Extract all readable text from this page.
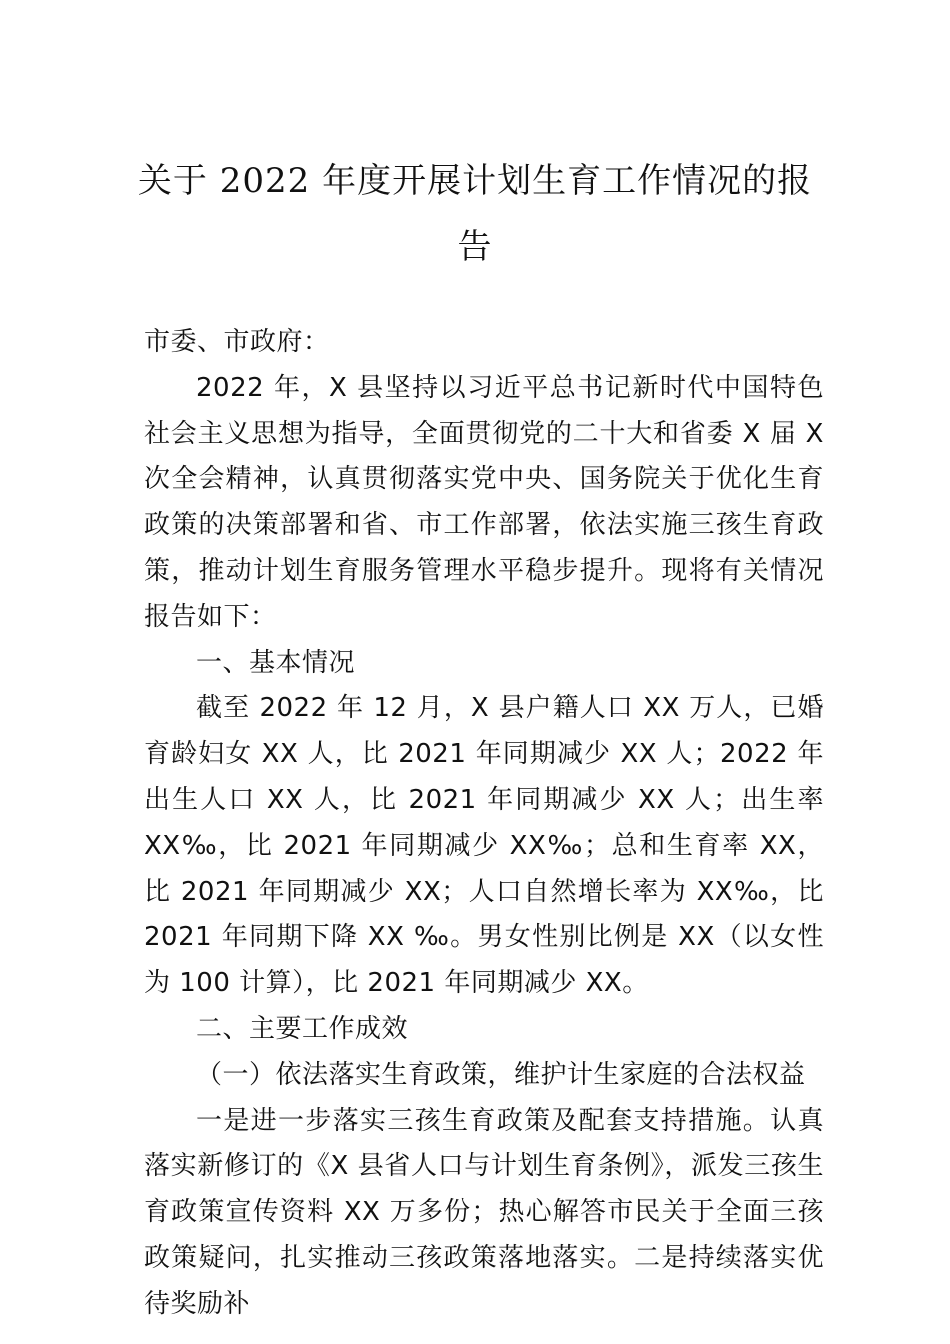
关于 2022 年度开展计划生育工作情况的报
告

市委、市政府：

2022 年，X 县坚持以习近平总书记新时代中国特色社会主义思想为指导，全面贯彻党的二十大和省委 X 届 X 次全会精神，认真贯彻落实党中央、国务院关于优化生育政策的决策部署和省、市工作部署，依法实施三孩生育政策，推动计划生育服务管理水平稳步提升。现将有关情况报告如下：

一、基本情况

截至 2022 年 12 月，X 县户籍人口 XX 万人，已婚育龄妇女 XX 人，比 2021 年同期减少 XX 人；2022 年出生人口 XX 人，比 2021 年同期减少 XX 人；出生率 XX‰，比 2021 年同期减少 XX‰；总和生育率 XX，比 2021 年同期减少 XX；人口自然增长率为 XX‰，比 2021 年同期下降 XX ‰。男女性别比例是 XX（以女性为 100 计算），比 2021 年同期减少 XX。

二、主要工作成效

（一）依法落实生育政策，维护计生家庭的合法权益

一是进一步落实三孩生育政策及配套支持措施。认真落实新修订的《X 县省人口与计划生育条例》，派发三孩生育政策宣传资料 XX 万多份；热心解答市民关于全面三孩政策疑问，扎实推动三孩政策落地落实。二是持续落实优待奖励补
